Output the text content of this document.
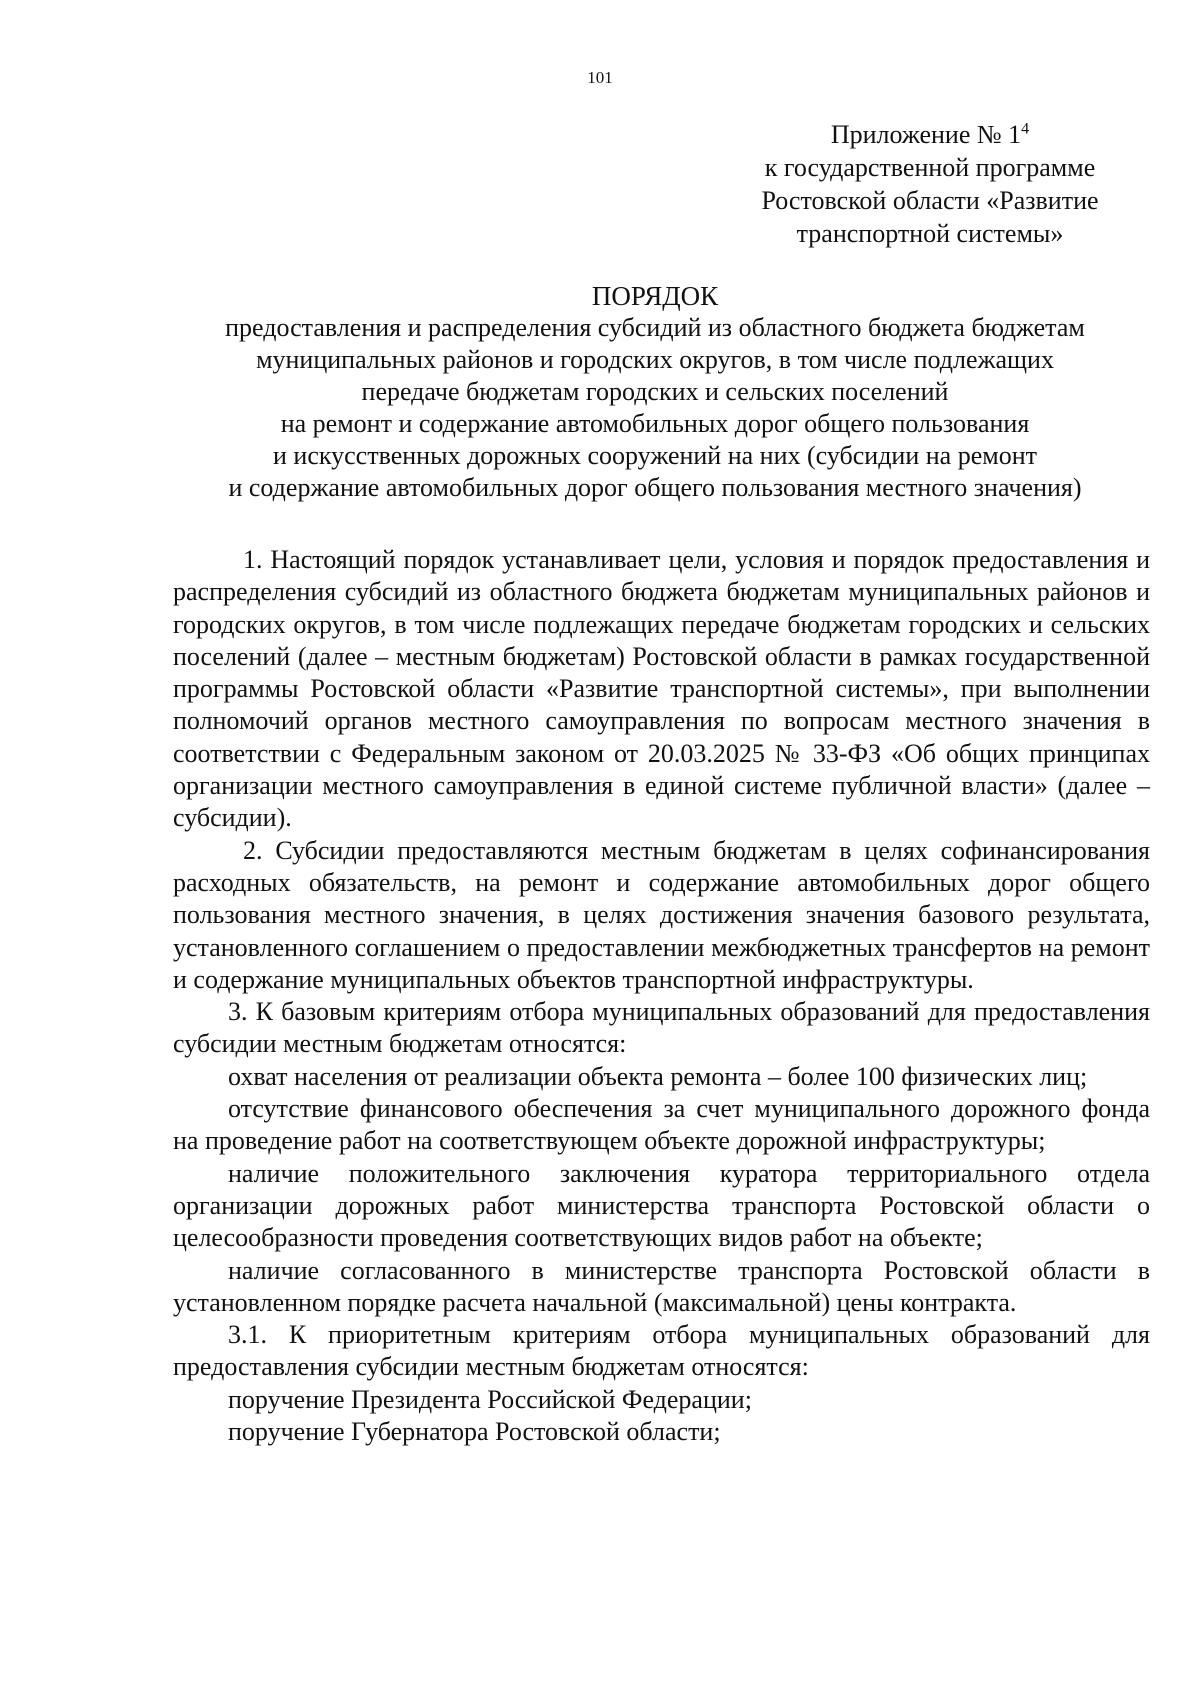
101
Приложение № $1^4$
к государственной программе
Ростовской области «Развитие
транспортной системы»
ПОРЯДОК
предоставления и распределения субсидий из областного бюджета бюджетам
муниципальных районов и городских округов, в том числе подлежащих
передаче бюджетам городских и сельских поселений
на ремонт и содержание автомобильных дорог общего пользования
и искусственных дорожных сооружений на них (субсидии на ремонт
и содержание автомобильных дорог общего пользования местного значения)

1. Настоящий порядок устанавливает цели, условия и порядок предоставления и распределения субсидий из областного бюджета бюджетам муниципальных районов и городских округов, в том числе подлежащих передаче бюджетам городских и сельских поселений (далее – местным бюджетам) Ростовской области в рамках государственной программы Ростовской области «Развитие транспортной системы», при выполнении полномочий органов местного самоуправления по вопросам местного значения в соответствии с Федеральным законом от 20.03.2025 № 33-ФЗ «Об общих принципах организации местного самоуправления в единой системе публичной власти» (далее – субсидии).

2. Субсидии предоставляются местным бюджетам в целях софинансирования расходных обязательств, на ремонт и содержание автомобильных дорог общего пользования местного значения, в целях достижения значения базового результата, установленного соглашением о предоставлении межбюджетных трансфертов на ремонт и содержание муниципальных объектов транспортной инфраструктуры.

3. К базовым критериям отбора муниципальных образований для предоставления субсидии местным бюджетам относятся:

охват населения от реализации объекта ремонта – более 100 физических лиц;

отсутствие финансового обеспечения за счет муниципального дорожного фонда на проведение работ на соответствующем объекте дорожной инфраструктуры;

наличие положительного заключения куратора территориального отдела организации дорожных работ министерства транспорта Ростовской области о целесообразности проведения соответствующих видов работ на объекте;

наличие согласованного в министерстве транспорта Ростовской области в установленном порядке расчета начальной (максимальной) цены контракта.

3.1. К приоритетным критериям отбора муниципальных образований для предоставления субсидии местным бюджетам относятся:

поручение Президента Российской Федерации;

поручение Губернатора Ростовской области;
